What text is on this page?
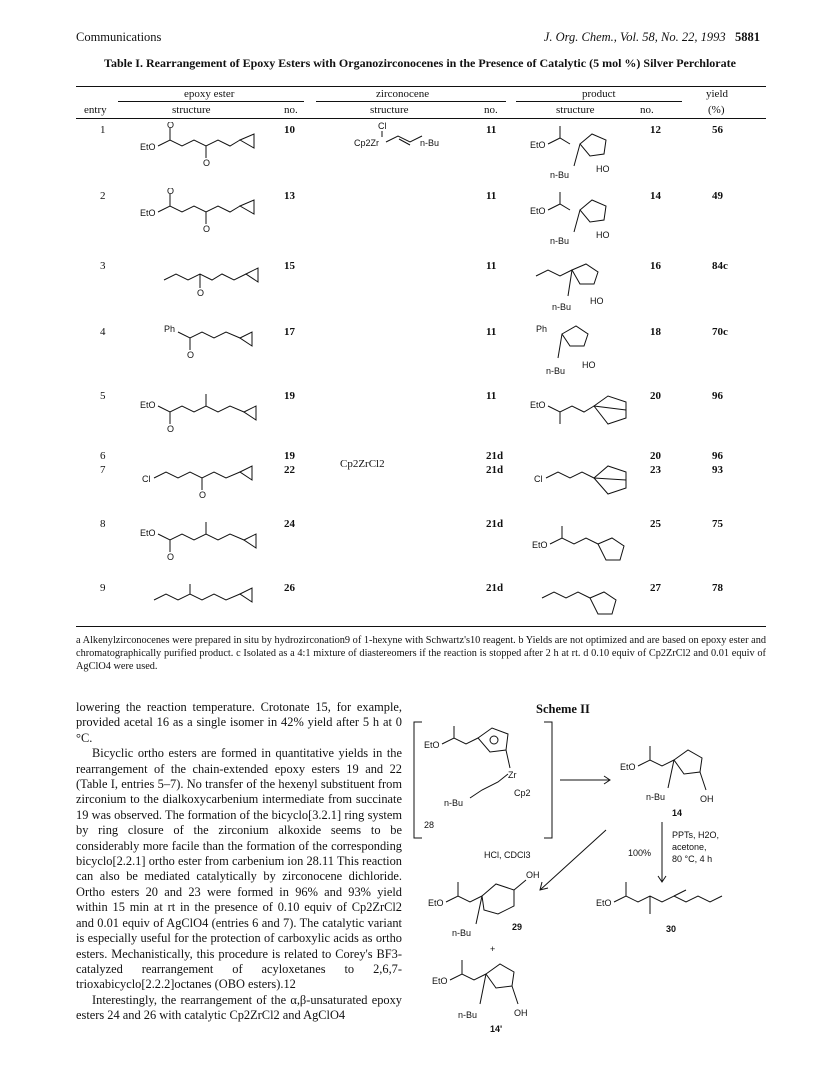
Communications	J. Org. Chem., Vol. 58, No. 22, 1993 5881
Table I. Rearrangement of Epoxy Esters with Organozirconocenes in the Presence of Catalytic (5 mol %) Silver Perchlorate
epoxy ester	zirconocene	product	yield
entry	structure	no.	structure	no.	structure	no.	(%)
1	10	11	12	56
2	13	11	14	49
3	15	11	16	84c
4	17	11	18	70c
5	19	11	20	96
6	19	21d	20	96
7	22	21d	23	93
8	24	21d	25	75
9	26	21d	27	78
Cl
Cp2Zr	n-Bu
Cp2ZrCl2
EtO
O
O
EtO
O
O
O
Ph
O
EtO
O
Cl
O
EtO
O
EtO
n-Bu
HO
EtO
n-Bu
HO
n-Bu
HO
Ph
n-Bu
HO
EtO
Cl
EtO
a Alkenylzirconocenes were prepared in situ by hydrozirconation9 of 1-hexyne with Schwartz's10 reagent. b Yields are not optimized and are based on epoxy ester and chromatographically purified product. c Isolated as a 4:1 mixture of diastereomers if the reaction is stopped after 2 h at rt. d 0.10 equiv of Cp2ZrCl2 and 0.01 equiv of AgClO4 were used.

lowering the reaction temperature. Crotonate 15, for example, provided acetal 16 as a single isomer in 42% yield after 5 h at 0 °C.

Bicyclic ortho esters are formed in quantitative yields in the rearrangement of the chain-extended epoxy esters 19 and 22 (Table I, entries 5–7). No transfer of the hexenyl substituent from zirconium to the dialkoxycarbenium intermediate from succinate 19 was observed. The formation of the bicyclo[3.2.1] ring system by ring closure of the zirconium alkoxide seems to be considerably more facile than the formation of the corresponding bicyclo[2.2.1] ortho ester from carbenium ion 28.11 This reaction can also be mediated catalytically by zirconocene dichloride. Ortho esters 20 and 23 were formed in 96% and 93% yield within 15 min at rt in the presence of 0.10 equiv of Cp2ZrCl2 and 0.01 equiv of AgClO4 (entries 6 and 7). The catalytic variant is especially useful for the protection of carboxylic acids as ortho esters. Mechanistically, this procedure is related to Corey's BF3-catalyzed rearrangement of acyloxetanes to 2,6,7-trioxabicyclo[2.2.2]octanes (OBO esters).12

Interestingly, the rearrangement of the α,β-unsaturated epoxy esters 24 and 26 with catalytic Cp2ZrCl2 and AgClO4

Scheme II
EtO
Zr
Cp2
n-Bu
28
EtO
n-Bu	OH
14
HCl, CDCl3	100%
PPTs, H2O,
acetone,
80 °C, 4 h
EtO
OH
n-Bu
29
+
EtO
n-Bu	OH
14'
EtO
30
